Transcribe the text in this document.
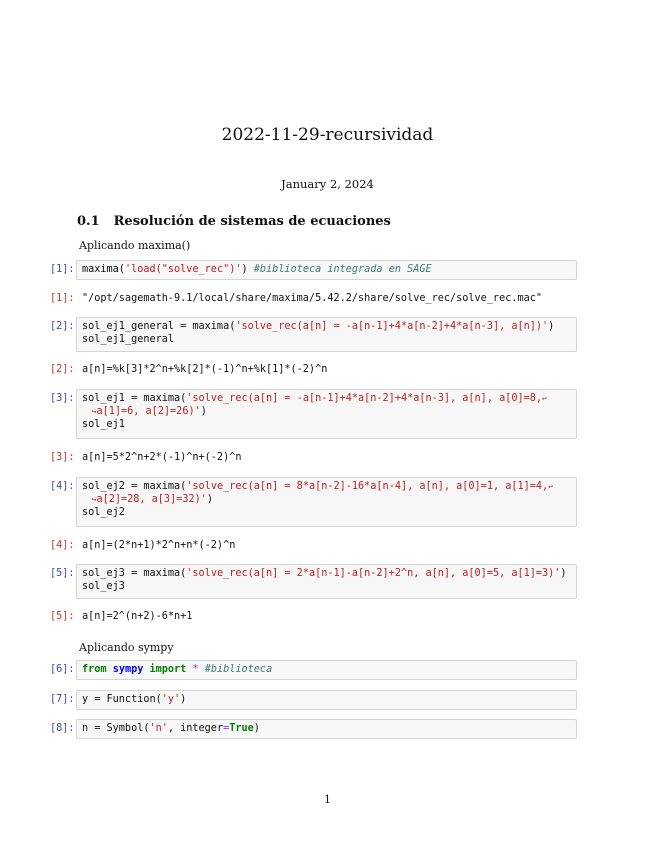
2022-11-29-recursividad
January 2, 2024
0.1 Resolución de sistemas de ecuaciones
Aplicando maxima()
[1]: maxima('load("solve_rec")') #biblioteca integrada en SAGE
[1]: "/opt/sagemath-9.1/local/share/maxima/5.42.2/share/solve_rec/solve_rec.mac"
[2]: sol_ej1_general = maxima('solve_rec(a[n] = -a[n-1]+4*a[n-2]+4*a[n-3], a[n])')
sol_ej1_general
[2]: a[n]=%k[3]*2^n+%k[2]*(-1)^n+%k[1]*(-2)^n
[3]: sol_ej1 = maxima('solve_rec(a[n] = -a[n-1]+4*a[n-2]+4*a[n-3], a[n], a[0]=8,↩
↪a[1]=6, a[2]=26)')
sol_ej1
[3]: a[n]=5*2^n+2*(-1)^n+(-2)^n
[4]: sol_ej2 = maxima('solve_rec(a[n] = 8*a[n-2]-16*a[n-4], a[n], a[0]=1, a[1]=4,↩
↪a[2]=28, a[3]=32)')
sol_ej2
[4]: a[n]=(2*n+1)*2^n+n*(-2)^n
[5]: sol_ej3 = maxima('solve_rec(a[n] = 2*a[n-1]-a[n-2]+2^n, a[n], a[0]=5, a[1]=3)')
sol_ej3
[5]: a[n]=2^(n+2)-6*n+1
Aplicando sympy
[6]: from sympy import * #biblioteca
[7]: y = Function('y')
[8]: n = Symbol('n', integer=True)
1
